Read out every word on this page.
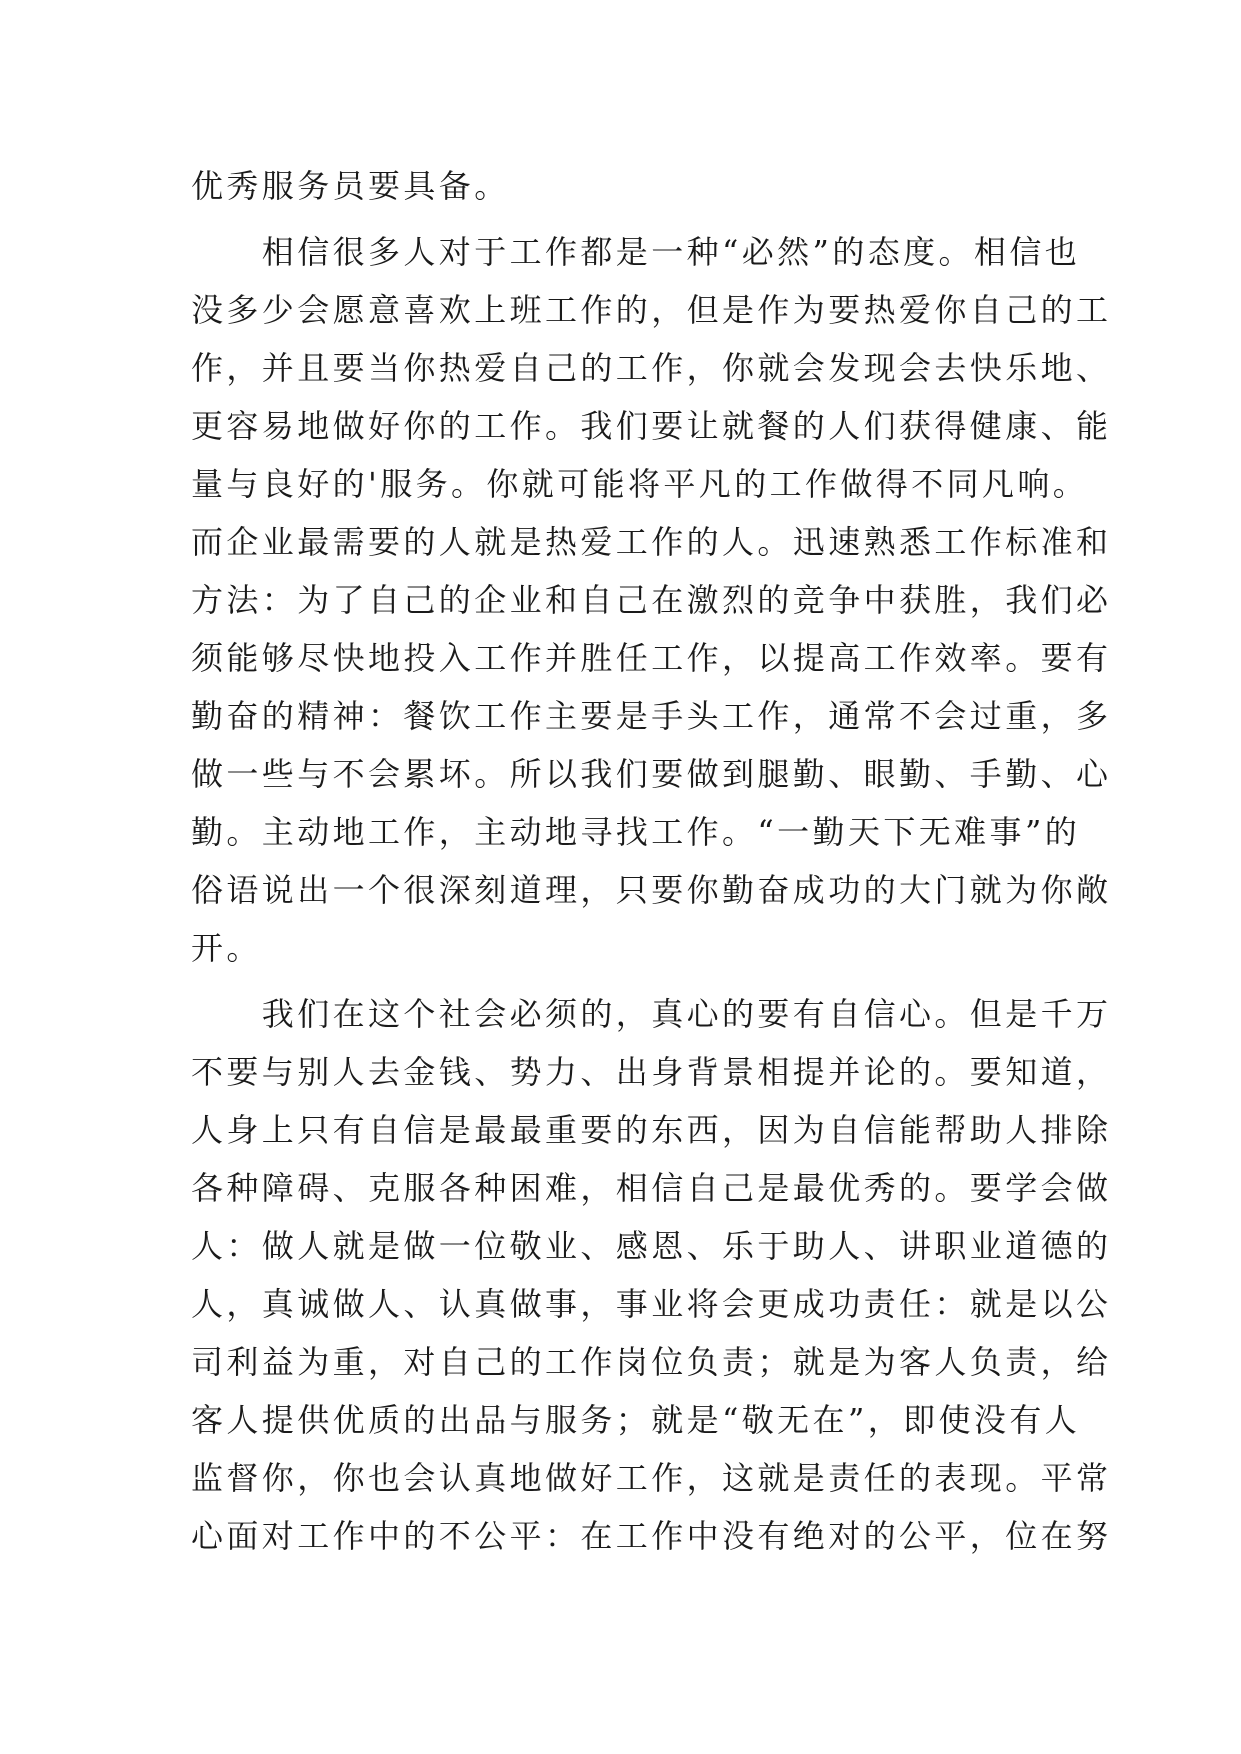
优秀服务员要具备。
　　相信很多人对于工作都是一种“必然”的态度。相信也
没多少会愿意喜欢上班工作的，但是作为要热爱你自己的工
作，并且要当你热爱自己的工作，你就会发现会去快乐地、
更容易地做好你的工作。我们要让就餐的人们获得健康、能
量与良好的'服务。你就可能将平凡的工作做得不同凡响。
而企业最需要的人就是热爱工作的人。迅速熟悉工作标准和
方法：为了自己的企业和自己在激烈的竞争中获胜，我们必
须能够尽快地投入工作并胜任工作，以提高工作效率。要有
勤奋的精神：餐饮工作主要是手头工作，通常不会过重，多
做一些与不会累坏。所以我们要做到腿勤、眼勤、手勤、心
勤。主动地工作，主动地寻找工作。“一勤天下无难事”的
俗语说出一个很深刻道理，只要你勤奋成功的大门就为你敞
开。
　　我们在这个社会必须的，真心的要有自信心。但是千万
不要与别人去金钱、势力、出身背景相提并论的。要知道，
人身上只有自信是最最重要的东西，因为自信能帮助人排除
各种障碍、克服各种困难，相信自己是最优秀的。要学会做
人：做人就是做一位敬业、感恩、乐于助人、讲职业道德的
人，真诚做人、认真做事，事业将会更成功责任：就是以公
司利益为重，对自己的工作岗位负责；就是为客人负责，给
客人提供优质的出品与服务；就是“敬无在”，即使没有人
监督你，你也会认真地做好工作，这就是责任的表现。平常
心面对工作中的不公平：在工作中没有绝对的公平，位在努
